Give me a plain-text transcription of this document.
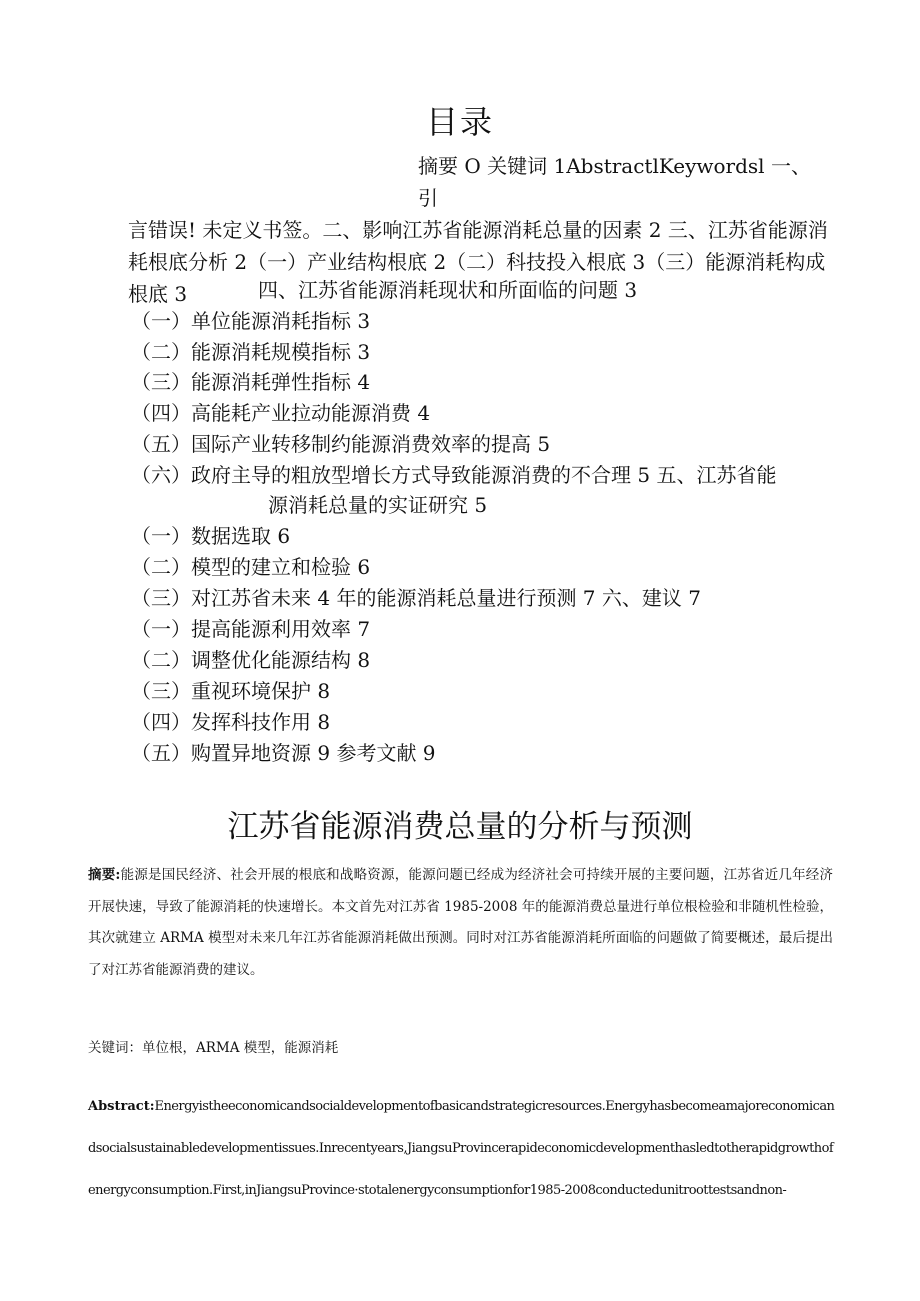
目录
摘要 O 关键词 1AbstractlKeywordsl 一、引
言错误! 未定义书签。二、影响江苏省能源消耗总量的因素 2 三、江苏省能源消耗根底分析 2（一）产业结构根底 2（二）科技投入根底 3（三）能源消耗构成根底 3	四、江苏省能源消耗现状和所面临的问题 3
（一）单位能源消耗指标 3
（二）能源消耗规模指标 3
（三）能源消耗弹性指标 4
（四）高能耗产业拉动能源消费 4
（五）国际产业转移制约能源消费效率的提高 5
（六）政府主导的粗放型增长方式导致能源消费的不合理 5 五、江苏省能
源消耗总量的实证研究 5
（一）数据选取 6
（二）模型的建立和检验 6
（三）对江苏省未来 4 年的能源消耗总量进行预测 7 六、建议 7
（一）提高能源利用效率 7
（二）调整优化能源结构 8
（三）重视环境保护 8
（四）发挥科技作用 8
（五）购置异地资源 9 参考文献 9
江苏省能源消费总量的分析与预测
摘要:能源是国民经济、社会开展的根底和战略资源，能源问题已经成为经济社会可持续开展的主要问题，江苏省近几年经济开展快速，导致了能源消耗的快速增长。本文首先对江苏省 1985-2008 年的能源消费总量进行单位根检验和非随机性检验，其次就建立 ARMA 模型对未来几年江苏省能源消耗做出预测。同时对江苏省能源消耗所面临的问题做了简要概述，最后提出了对江苏省能源消费的建议。
关键词：单位根，ARMA 模型，能源消耗
Abstract:Energyistheeconomicandsocialdevelopmentofbasicandstrategicresources.Energyhasbecomeamajoreconomicandsocialsustainabledevelopmentissues.Inrecentyears,JiangsuProvincerapideconomicdevelopmenthasledtotherapidgrowthofenergyconsumption.First,inJiangsuProvince·stotalenergyconsumptionfor1985-2008conductedunitroottestsandnon-
